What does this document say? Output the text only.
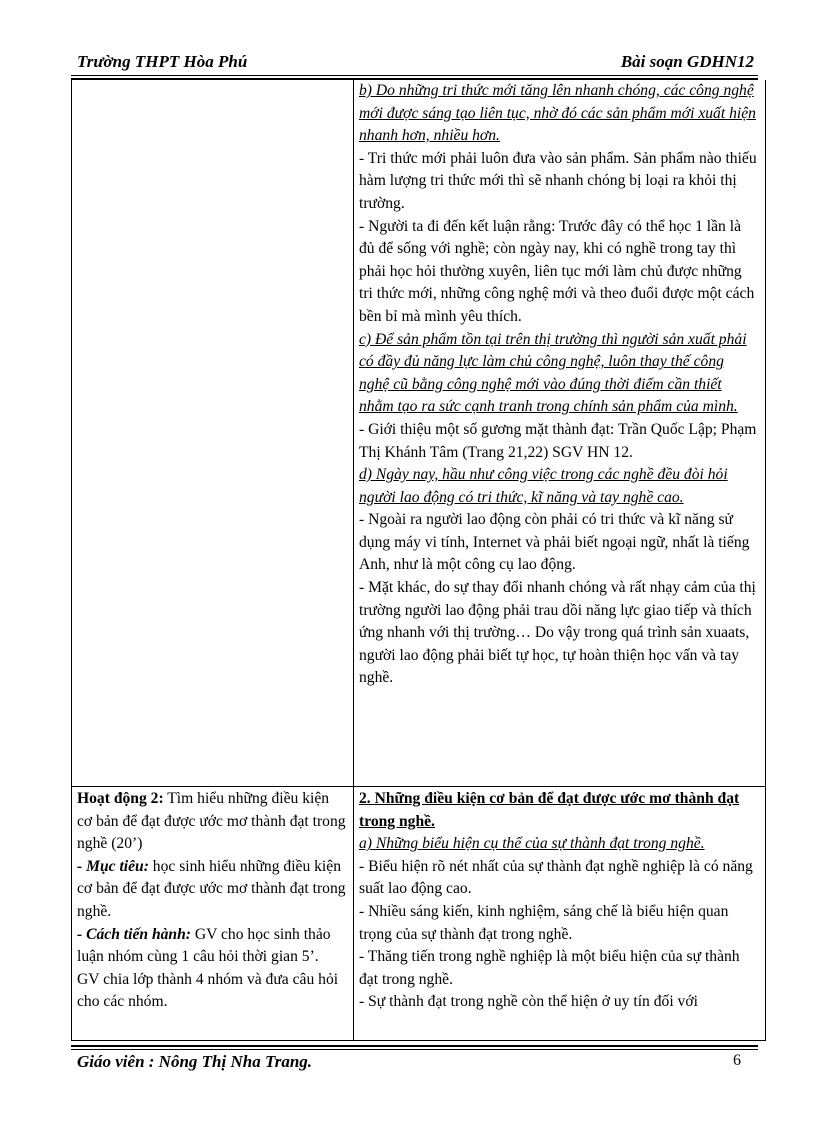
Trường THPT Hòa Phú	Bài soạn GDHN12

b) Do những tri thức mới tăng lên nhanh chóng, các công nghệ mới được sáng tạo liên tục, nhờ đó các sản phẩm mới xuất hiện nhanh hơn, nhiều hơn.

- Tri thức mới phải luôn đưa vào sản phẩm. Sản phẩm nào thiếu hàm lượng tri thức mới thì sẽ nhanh chóng bị loại ra khỏi thị trường.

- Người ta đi đến kết luận rằng: Trước đây có thể học 1 lần là đủ để sống với nghề; còn ngày nay, khi có nghề trong tay thì phải học hỏi thường xuyên, liên tục mới làm chủ được những tri thức mới, những công nghệ mới và theo đuổi được một cách bền bỉ mà mình yêu thích.

c) Để sản phẩm tồn tại trên thị trường thì người sản xuất phải có đầy đủ năng lực làm chủ công nghệ, luôn thay thế công nghệ cũ bằng công nghệ mới vào đúng thời điểm cần thiết nhằm tạo ra sức cạnh tranh trong chính sản phẩm của mình.

- Giới thiệu một số gương mặt thành đạt: Trần Quốc Lập; Phạm Thị Khánh Tâm (Trang 21,22) SGV HN 12.

d) Ngày nay, hầu như công việc trong các nghề đều đòi hỏi người lao động có tri thức, kĩ năng và tay nghề cao.

- Ngoài ra người lao động còn phải có tri thức và kĩ năng sử dụng máy vi tính, Internet và phải biết ngoại ngữ, nhất là tiếng Anh, như là một công cụ lao động.

- Mặt khác, do sự thay đổi nhanh chóng và rất nhạy cảm của thị trường người lao động phải trau dồi năng lực giao tiếp và thích ứng nhanh với thị trường… Do vậy trong quá trình sản xuaats, người lao động phải biết tự học, tự hoàn thiện học vấn và tay nghề.

Hoạt động 2: Tìm hiểu những điều kiện cơ bản để đạt được ước mơ thành đạt trong nghề (20’)

- Mục tiêu: học sinh hiểu những điều kiện cơ bản để đạt được ước mơ thành đạt trong nghề.

- Cách tiến hành: GV cho học sinh thảo luận nhóm cùng 1 câu hỏi thời gian 5’.

GV chia lớp thành 4 nhóm và đưa câu hỏi cho các nhóm.

2. Những điều kiện cơ bản để đạt được ước mơ thành đạt trong nghề.

a) Những biểu hiện cụ thể của sự thành đạt trong nghề.

- Biểu hiện rõ nét nhất của sự thành đạt nghề nghiệp là có năng suất lao động cao.

- Nhiều sáng kiến, kinh nghiệm, sáng chế là biểu hiện quan trọng của sự thành đạt trong nghề.

- Thăng tiến trong nghề nghiệp là một biểu hiện của sự thành đạt trong nghề.

- Sự thành đạt trong nghề còn thể hiện ở uy tín đối với

Giáo viên : Nông Thị Nha Trang.	6
